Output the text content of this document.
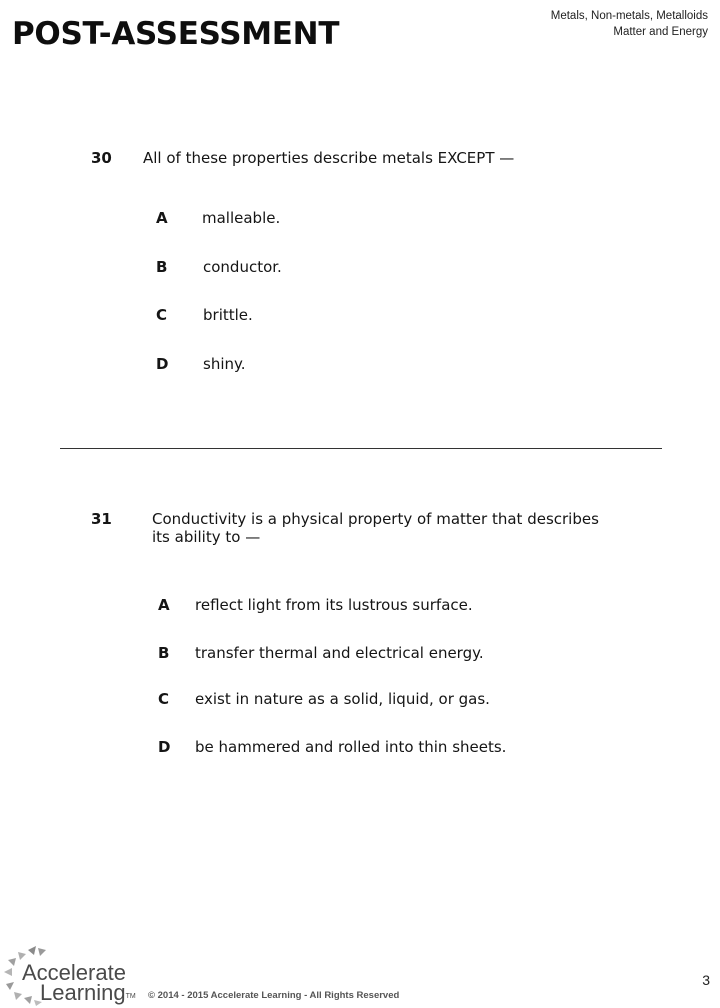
POST-ASSESSMENT	Metals, Non-metals, Metalloids
Matter and Energy
30 All of these properties describe metals EXCEPT —
A malleable.
B conductor.
C brittle.
D shiny.
31	Conductivity is a physical property of matter that describes
its ability to —
A reflect light from its lustrous surface.
B transfer thermal and electrical energy.
C exist in nature as a solid, liquid, or gas.
D be hammered and rolled into thin sheets.
Accelerate
Learning™ © 2014 - 2015 Accelerate Learning - All Rights Reserved
3
